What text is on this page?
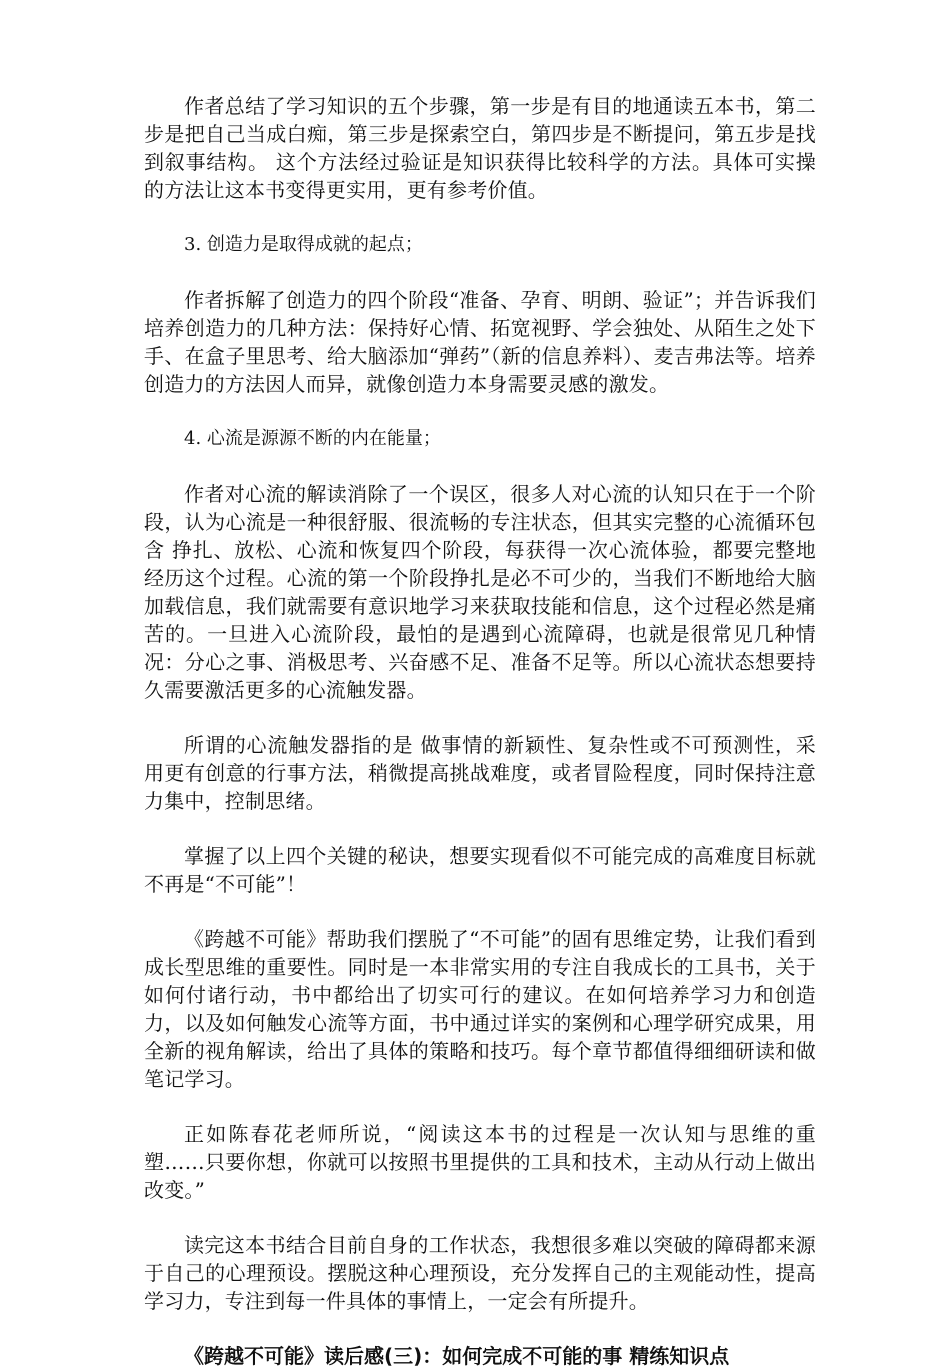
作者总结了学习知识的五个步骤，第一步是有目的地通读五本书，第二步是把自己当成白痴，第三步是探索空白，第四步是不断提问，第五步是找到叙事结构。 这个方法经过验证是知识获得比较科学的方法。具体可实操的方法让这本书变得更实用，更有参考价值。

3. 创造力是取得成就的起点；

作者拆解了创造力的四个阶段“准备、孕育、明朗、验证”；并告诉我们培养创造力的几种方法：保持好心情、拓宽视野、学会独处、从陌生之处下手、在盒子里思考、给大脑添加“弹药”（新的信息养料）、麦吉弗法等。培养创造力的方法因人而异，就像创造力本身需要灵感的激发。

4. 心流是源源不断的内在能量；

作者对心流的解读消除了一个误区，很多人对心流的认知只在于一个阶段，认为心流是一种很舒服、很流畅的专注状态，但其实完整的心流循环包含 挣扎、放松、心流和恢复四个阶段，每获得一次心流体验，都要完整地经历这个过程。心流的第一个阶段挣扎是必不可少的，当我们不断地给大脑加载信息，我们就需要有意识地学习来获取技能和信息，这个过程必然是痛苦的。一旦进入心流阶段，最怕的是遇到心流障碍，也就是很常见几种情况：分心之事、消极思考、兴奋感不足、准备不足等。所以心流状态想要持久需要激活更多的心流触发器。

所谓的心流触发器指的是 做事情的新颖性、复杂性或不可预测性，采用更有创意的行事方法，稍微提高挑战难度，或者冒险程度，同时保持注意力集中，控制思绪。

掌握了以上四个关键的秘诀，想要实现看似不可能完成的高难度目标就不再是“不可能”！

《跨越不可能》帮助我们摆脱了“不可能”的固有思维定势，让我们看到成长型思维的重要性。同时是一本非常实用的专注自我成长的工具书，关于如何付诸行动，书中都给出了切实可行的建议。在如何培养学习力和创造力，以及如何触发心流等方面，书中通过详实的案例和心理学研究成果，用全新的视角解读，给出了具体的策略和技巧。每个章节都值得细细研读和做笔记学习。

正如陈春花老师所说，“阅读这本书的过程是一次认知与思维的重塑……只要你想，你就可以按照书里提供的工具和技术，主动从行动上做出改变。”

读完这本书结合目前自身的工作状态，我想很多难以突破的障碍都来源于自己的心理预设。摆脱这种心理预设，充分发挥自己的主观能动性，提高学习力，专注到每一件具体的事情上，一定会有所提升。

《跨越不可能》读后感(三)：如何完成不可能的事 精练知识点
